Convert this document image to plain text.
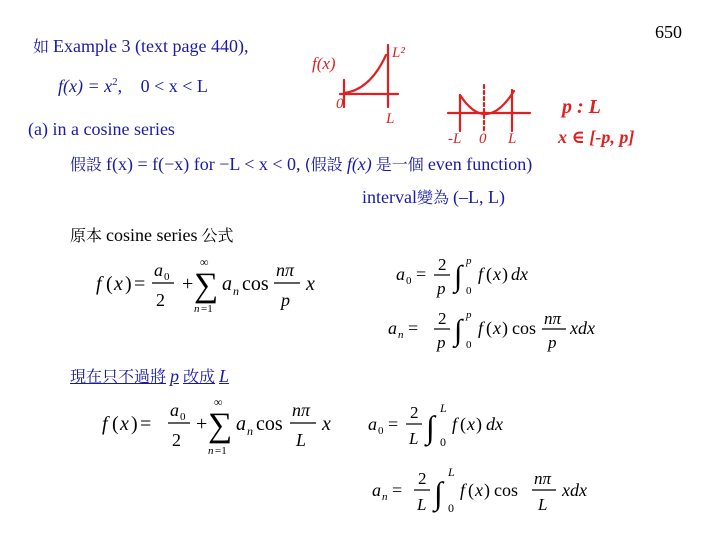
650
如 Example 3 (text page 440),
$f(x) = x^2$, 0 < x < L
(a) in a cosine series
假設 f(x) = f(−x) for −L < x < 0, (假設 f(x) 是一個 even function)
interval變為 (–L, L)
原本 cosine series 公式
現在只不過將 p 改成 L
f(x)
L²
0
L
-L 0 L
p : L
x ∈ [-p, p]
f ( x ) =
a 0
2
+
∞
∑
n =1
a n cos
nπ
p
x	a 0 = 2
p ∫ p
0
f ( x ) dx
a n = 2
p ∫ p
0
f ( x ) cos nπ
p
xdx
f ( x ) =
a 0
2
+
∞
∑
n =1
a n cos
nπ
L
x a 0 =
2
L ∫
L
0
f ( x ) dx
a n =
2
L ∫
L
0
f ( x ) cos
nπ
L
xdx
